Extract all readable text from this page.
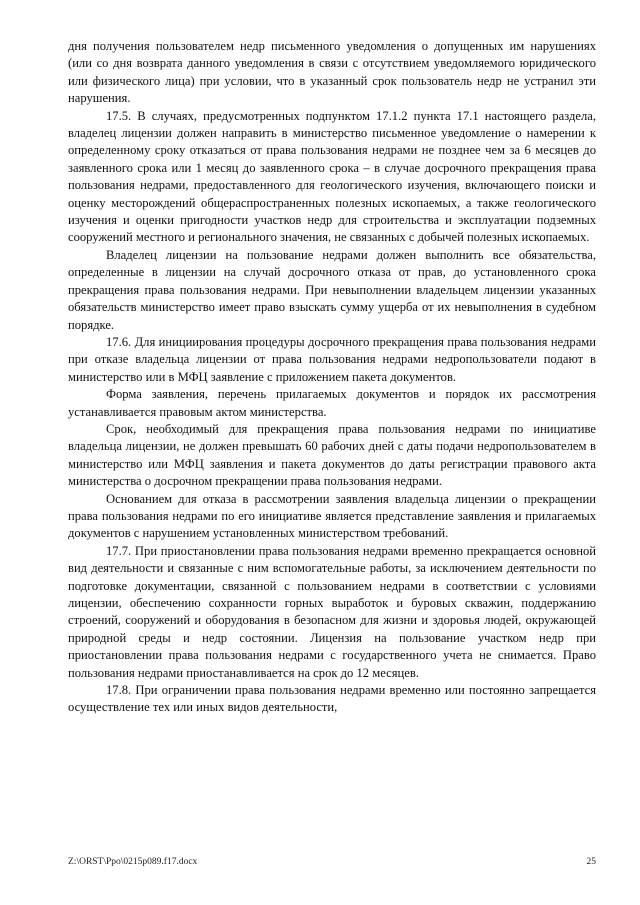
дня получения пользователем недр письменного уведомления о допущенных им нарушениях (или со дня возврата данного уведомления в связи с отсутствием уведомляемого юридического или физического лица) при условии, что в указанный срок пользователь недр не устранил эти нарушения.

17.5. В случаях, предусмотренных подпунктом 17.1.2 пункта 17.1 настоящего раздела, владелец лицензии должен направить в министерство письменное уведомление о намерении к определенному сроку отказаться от права пользования недрами не позднее чем за 6 месяцев до заявленного срока или 1 месяц до заявленного срока – в случае досрочного прекращения права пользования недрами, предоставленного для геологического изучения, включающего поиски и оценку месторождений общераспространенных полезных ископаемых, а также геологического изучения и оценки пригодности участков недр для строительства и эксплуатации подземных сооружений местного и регионального значения, не связанных с добычей полезных ископаемых.

Владелец лицензии на пользование недрами должен выполнить все обязательства, определенные в лицензии на случай досрочного отказа от прав, до установленного срока прекращения права пользования недрами. При невыполнении владельцем лицензии указанных обязательств министерство имеет право взыскать сумму ущерба от их невыполнения в судебном порядке.

17.6. Для инициирования процедуры досрочного прекращения права пользования недрами при отказе владельца лицензии от права пользования недрами недропользователи подают в министерство или в МФЦ заявление с приложением пакета документов.

Форма заявления, перечень прилагаемых документов и порядок их рассмотрения устанавливается правовым актом министерства.

Срок, необходимый для прекращения права пользования недрами по инициативе владельца лицензии, не должен превышать 60 рабочих дней с даты подачи недропользователем в министерство или МФЦ заявления и пакета документов до даты регистрации правового акта министерства о досрочном прекращении права пользования недрами.

Основанием для отказа в рассмотрении заявления владельца лицензии о прекращении права пользования недрами по его инициативе является представление заявления и прилагаемых документов с нарушением установленных министерством требований.

17.7. При приостановлении права пользования недрами временно прекращается основной вид деятельности и связанные с ним вспомогательные работы, за исключением деятельности по подготовке документации, связанной с пользованием недрами в соответствии с условиями лицензии, обеспечению сохранности горных выработок и буровых скважин, поддержанию строений, сооружений и оборудования в безопасном для жизни и здоровья людей, окружающей природной среды и недр состоянии. Лицензия на пользование участком недр при приостановлении права пользования недрами с государственного учета не снимается. Право пользования недрами приостанавливается на срок до 12 месяцев.

17.8. При ограничении права пользования недрами временно или постоянно запрещается осуществление тех или иных видов деятельности,

Z:\ORST\Ppo\0215p089.f17.docx	25
